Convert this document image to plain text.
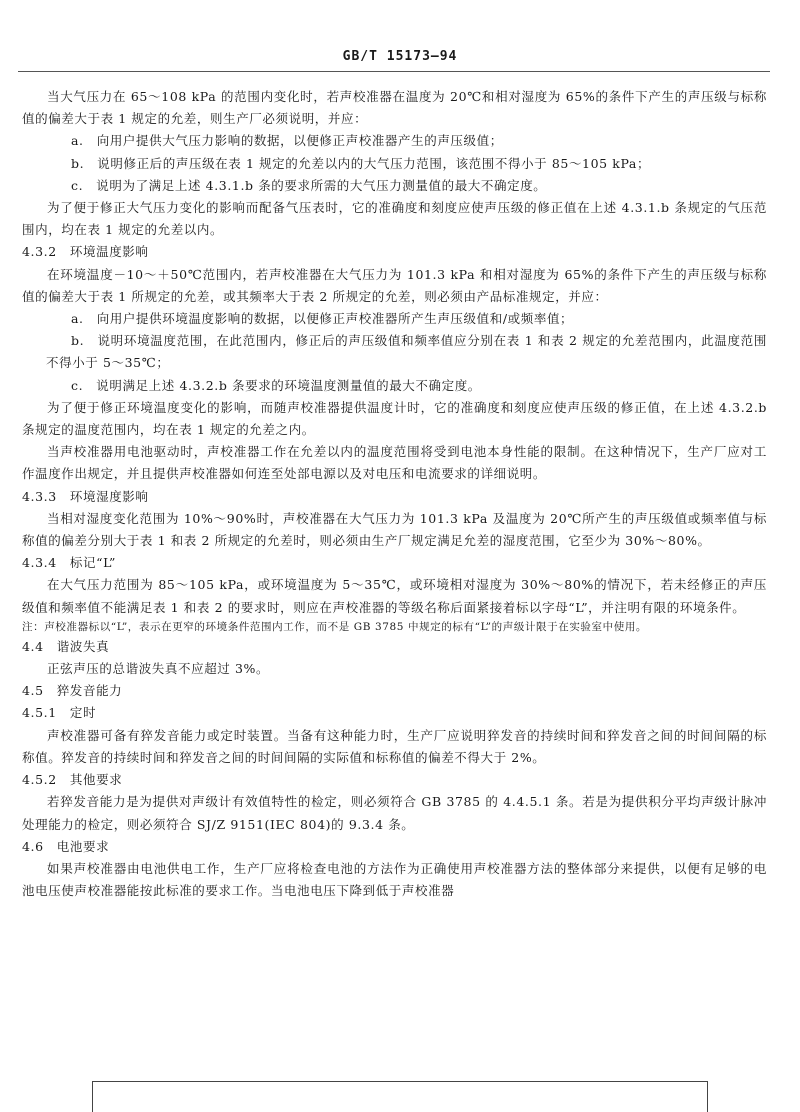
GB/T 15173—94

当大气压力在 65～108 kPa 的范围内变化时，若声校准器在温度为 20℃和相对湿度为 65%的条件下产生的声压级与标称值的偏差大于表 1 规定的允差，则生产厂必须说明，并应：

a.　向用户提供大气压力影响的数据，以便修正声校准器产生的声压级值；

b.　说明修正后的声压级在表 1 规定的允差以内的大气压力范围，该范围不得小于 85～105 kPa；

c.　说明为了满足上述 4.3.1.b 条的要求所需的大气压力测量值的最大不确定度。

为了便于修正大气压力变化的影响而配备气压表时，它的准确度和刻度应使声压级的修正值在上述 4.3.1.b 条规定的气压范围内，均在表 1 规定的允差以内。

4.3.2　环境温度影响

在环境温度－10～＋50℃范围内，若声校准器在大气压力为 101.3 kPa 和相对湿度为 65%的条件下产生的声压级与标称值的偏差大于表 1 所规定的允差，或其频率大于表 2 所规定的允差，则必须由产品标准规定，并应：

a.　向用户提供环境温度影响的数据，以便修正声校准器所产生声压级值和/或频率值；

b.　说明环境温度范围，在此范围内，修正后的声压级值和频率值应分别在表 1 和表 2 规定的允差范围内，此温度范围不得小于 5～35℃；

c.　说明满足上述 4.3.2.b 条要求的环境温度测量值的最大不确定度。

为了便于修正环境温度变化的影响，而随声校准器提供温度计时，它的准确度和刻度应使声压级的修正值，在上述 4.3.2.b 条规定的温度范围内，均在表 1 规定的允差之内。

当声校准器用电池驱动时，声校准器工作在允差以内的温度范围将受到电池本身性能的限制。在这种情况下，生产厂应对工作温度作出规定，并且提供声校准器如何连至处部电源以及对电压和电流要求的详细说明。

4.3.3　环境湿度影响

当相对湿度变化范围为 10%～90%时，声校准器在大气压力为 101.3 kPa 及温度为 20℃所产生的声压级值或频率值与标称值的偏差分别大于表 1 和表 2 所规定的允差时，则必须由生产厂规定满足允差的湿度范围，它至少为 30%～80%。

4.3.4　标记“L”

在大气压力范围为 85～105 kPa，或环境温度为 5～35℃，或环境相对湿度为 30%～80%的情况下，若未经修正的声压级值和频率值不能满足表 1 和表 2 的要求时，则应在声校准器的等级名称后面紧接着标以字母“L”，并注明有限的环境条件。

注：声校准器标以“L”，表示在更窄的环境条件范围内工作，而不是 GB 3785 中规定的标有“L”的声级计限于在实验室中使用。

4.4　谐波失真

正弦声压的总谐波失真不应超过 3%。

4.5　猝发音能力

4.5.1　定时

声校准器可备有猝发音能力或定时装置。当备有这种能力时，生产厂应说明猝发音的持续时间和猝发音之间的时间间隔的标称值。猝发音的持续时间和猝发音之间的时间间隔的实际值和标称值的偏差不得大于 2%。

4.5.2　其他要求

若猝发音能力是为提供对声级计有效值特性的检定，则必须符合 GB 3785 的 4.4.5.1 条。若是为提供积分平均声级计脉冲处理能力的检定，则必须符合 SJ/Z 9151(IEC 804)的 9.3.4 条。

4.6　电池要求

如果声校准器由电池供电工作，生产厂应将检查电池的方法作为正确使用声校准器方法的整体部分来提供，以便有足够的电池电压使声校准器能按此标准的要求工作。当电池电压下降到低于声校准器
